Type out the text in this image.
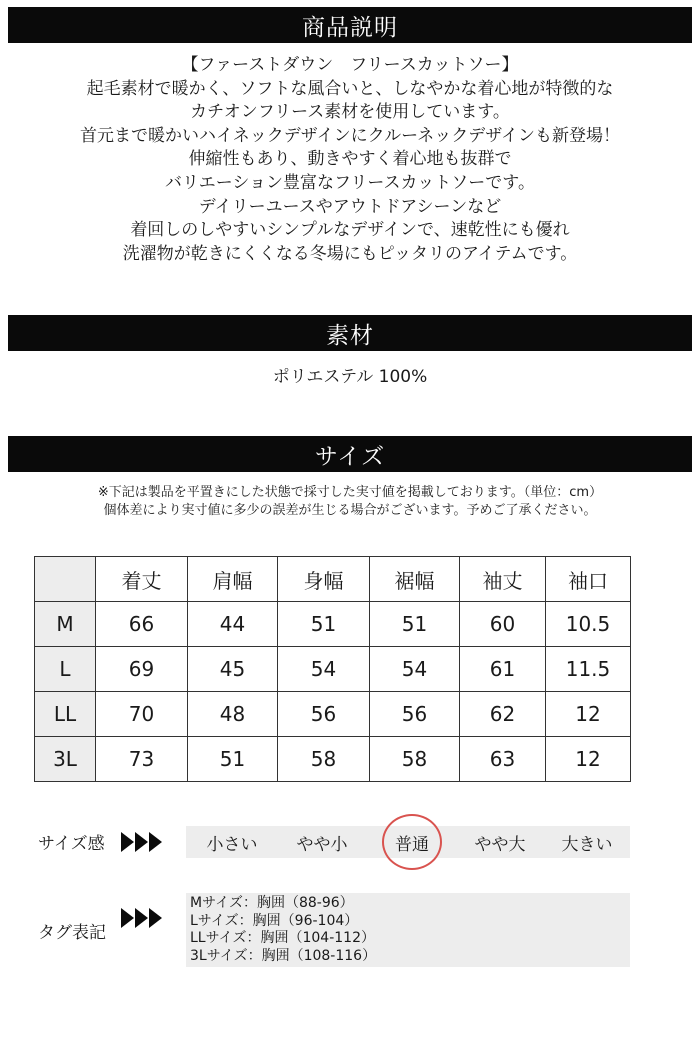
商品説明
【ファーストダウン　フリースカットソー】
起毛素材で暖かく、ソフトな風合いと、しなやかな着心地が特徴的な
カチオンフリース素材を使用しています。
首元まで暖かいハイネックデザインにクルーネックデザインも新登場！
伸縮性もあり、動きやすく着心地も抜群で
バリエーション豊富なフリースカットソーです。
デイリーユースやアウトドアシーンなど
着回しのしやすいシンプルなデザインで、速乾性にも優れ
洗濯物が乾きにくくなる冬場にもピッタリのアイテムです。
素材
ポリエステル 100%
サイズ
※下記は製品を平置きにした状態で採寸した実寸値を掲載しております。（単位：cm）
個体差により実寸値に多少の誤差が生じる場合がございます。予めご了承ください。
	着丈	肩幅	身幅	裾幅	袖丈	袖口
M	66	44	51	51	60	10.5
L	69	45	54	54	61	11.5
LL	70	48	56	56	62	12
3L	73	51	58	58	63	12
サイズ感	小さい やや小	普通	やや大 大きい
タグ表記
Mサイズ：胸囲（88-96）
Lサイズ：胸囲（96-104）
LLサイズ：胸囲（104-112）
3Lサイズ：胸囲（108-116）
